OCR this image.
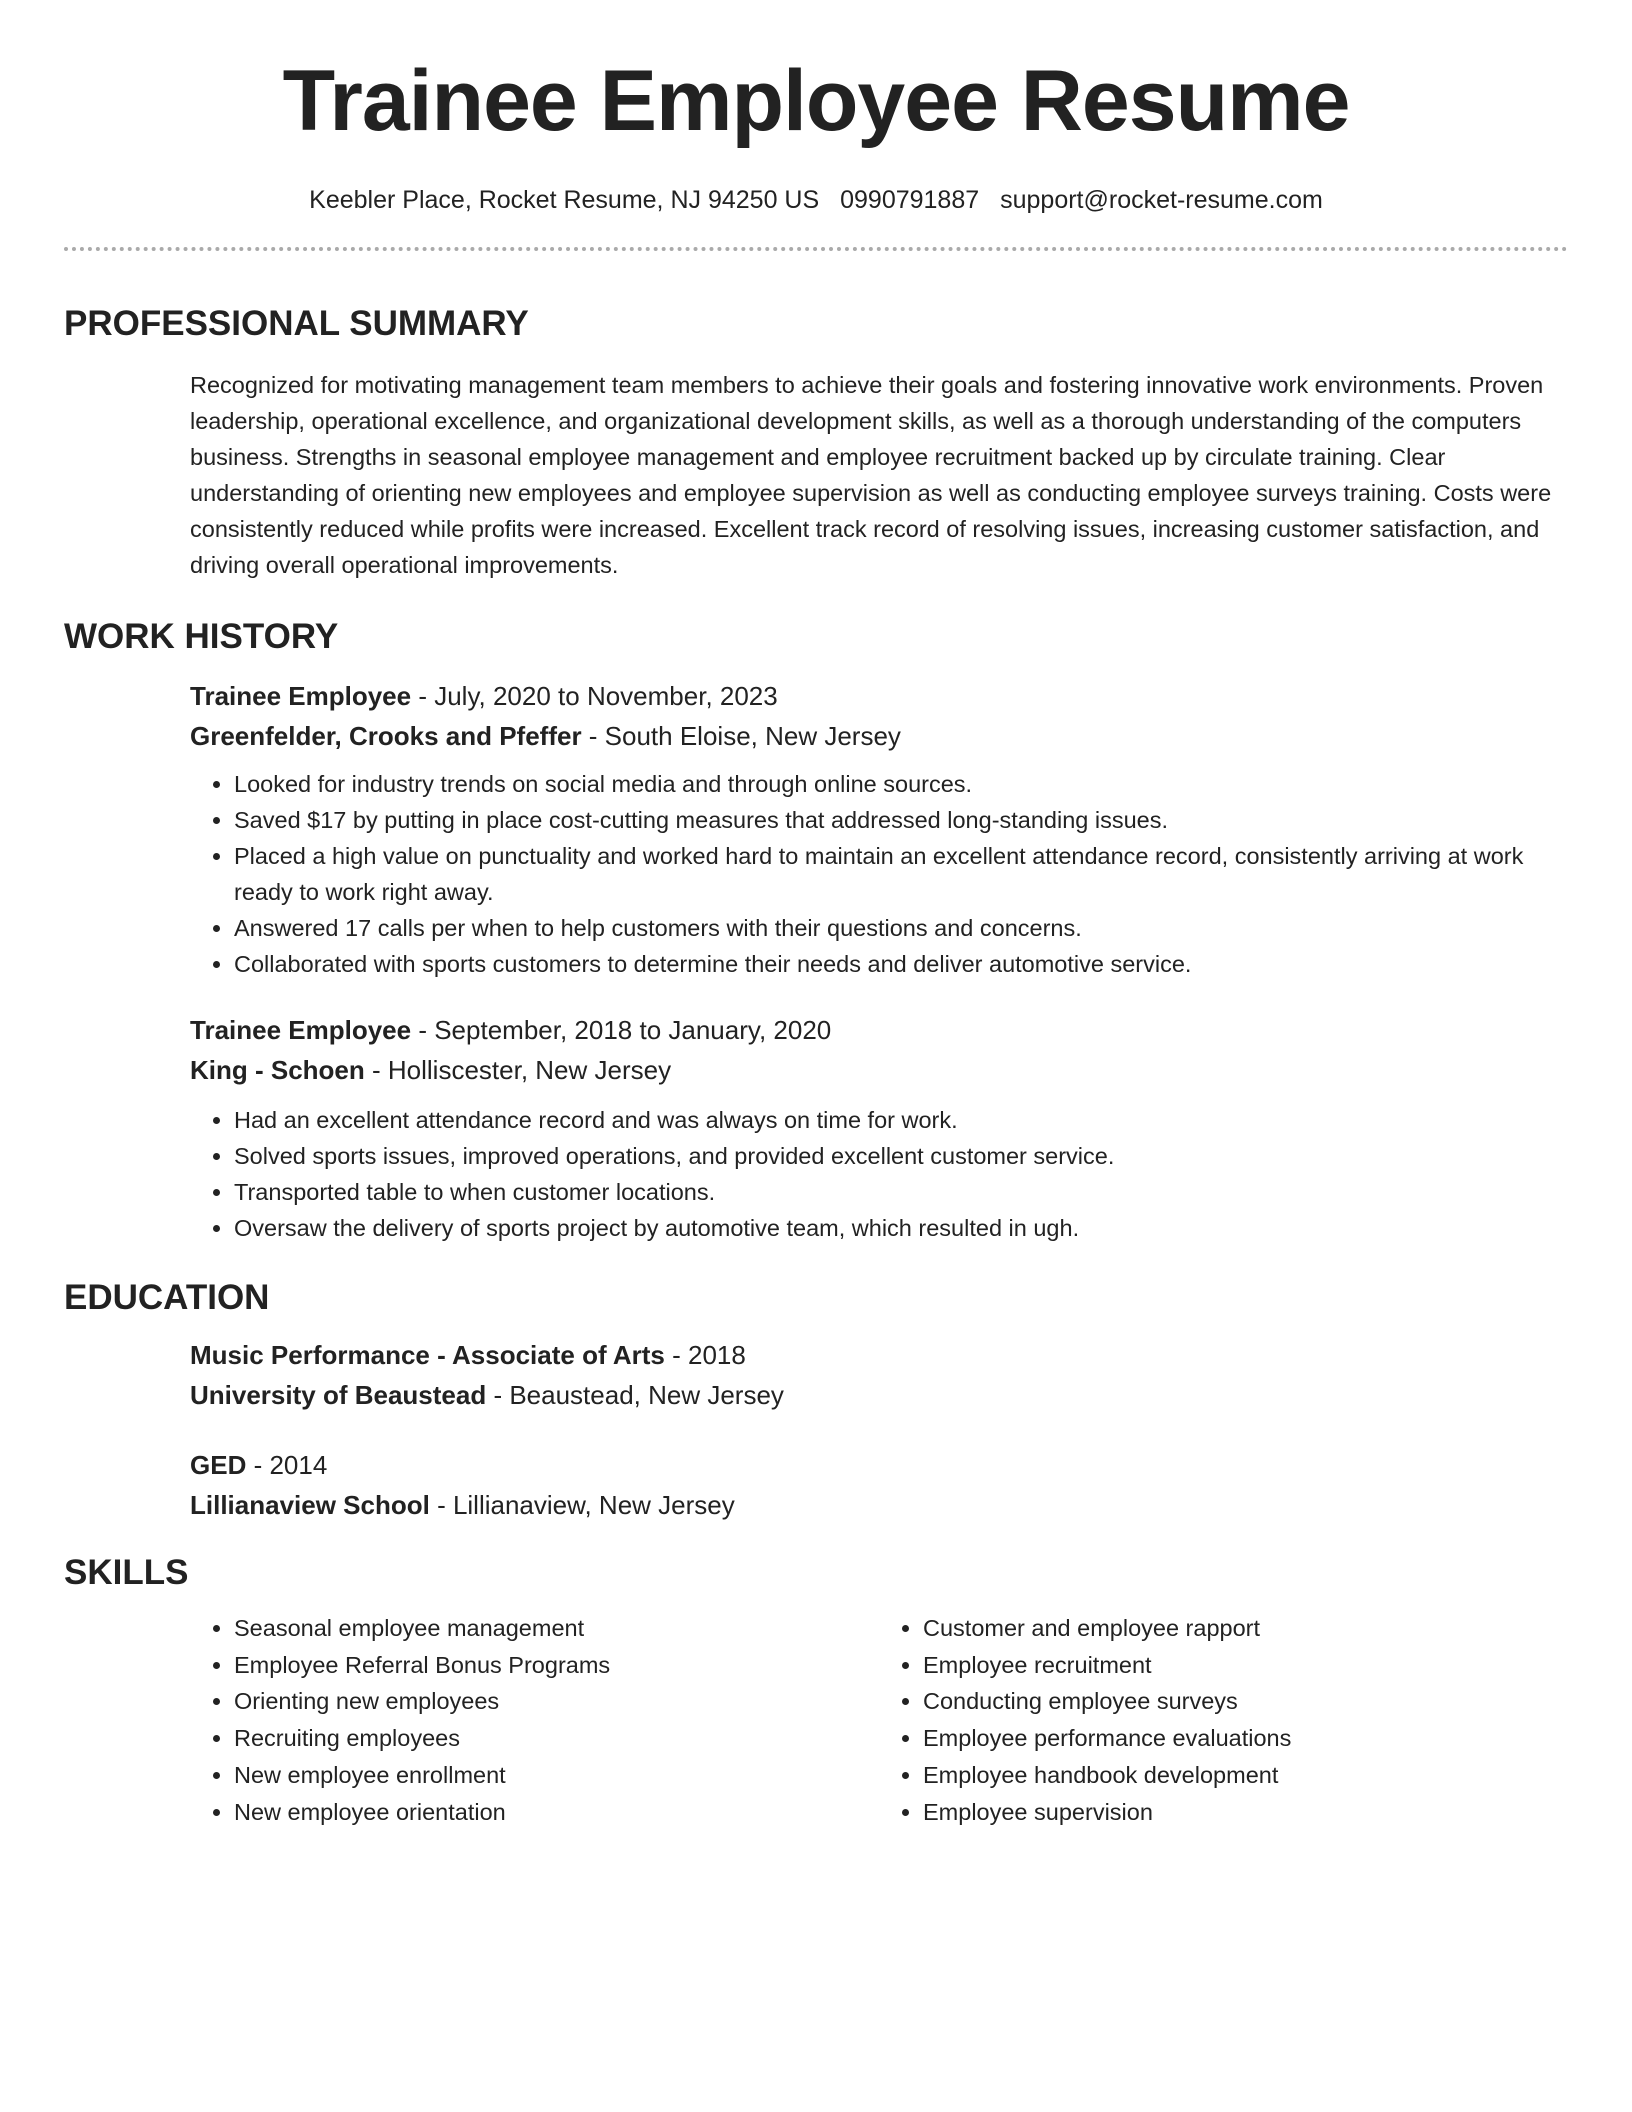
Trainee Employee Resume
Keebler Place, Rocket Resume, NJ 94250 US 0990791887 support@rocket-resume.com
PROFESSIONAL SUMMARY

Recognized for motivating management team members to achieve their goals and fostering innovative work environments. Proven leadership, operational excellence, and organizational development skills, as well as a thorough understanding of the computers business. Strengths in seasonal employee management and employee recruitment backed up by circulate training. Clear understanding of orienting new employees and employee supervision as well as conducting employee surveys training. Costs were consistently reduced while profits were increased. Excellent track record of resolving issues, increasing customer satisfaction, and driving overall operational improvements.

WORK HISTORY
Trainee Employee - July, 2020 to November, 2023
Greenfelder, Crooks and Pfeffer - South Eloise, New Jersey
• Looked for industry trends on social media and through online sources.
• Saved $17 by putting in place cost-cutting measures that addressed long-standing issues.
• Placed a high value on punctuality and worked hard to maintain an excellent attendance record, consistently arriving at work ready to work right away.
• Answered 17 calls per when to help customers with their questions and concerns.
• Collaborated with sports customers to determine their needs and deliver automotive service.
Trainee Employee - September, 2018 to January, 2020
King - Schoen - Holliscester, New Jersey
• Had an excellent attendance record and was always on time for work.
• Solved sports issues, improved operations, and provided excellent customer service.
• Transported table to when customer locations.
• Oversaw the delivery of sports project by automotive team, which resulted in ugh.
EDUCATION
Music Performance - Associate of Arts - 2018
University of Beaustead - Beaustead, New Jersey
GED - 2014
Lillianaview School - Lillianaview, New Jersey
SKILLS
• Seasonal employee management
• Employee Referral Bonus Programs
• Orienting new employees
• Recruiting employees
• New employee enrollment
• New employee orientation
• Customer and employee rapport
• Employee recruitment
• Conducting employee surveys
• Employee performance evaluations
• Employee handbook development
• Employee supervision
